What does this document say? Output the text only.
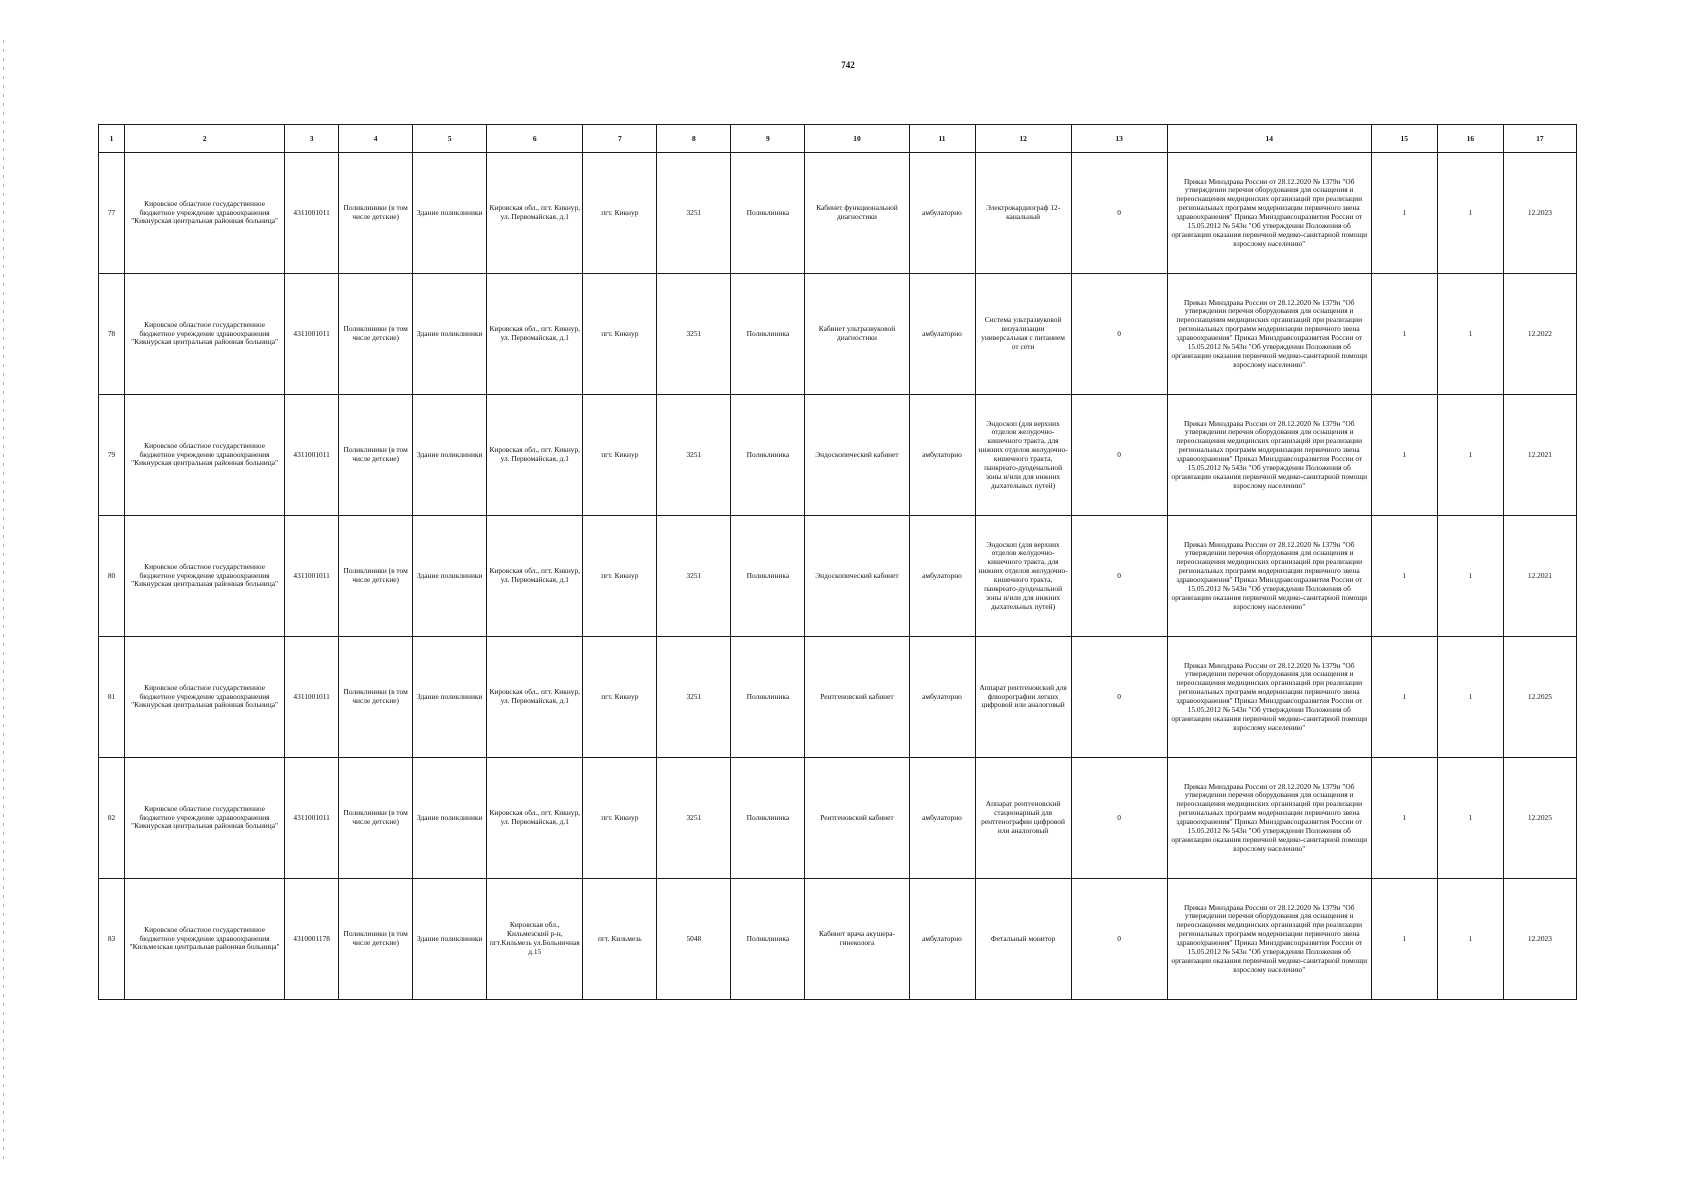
742
1	2	3	4	5	6	7	8	9	10	11	12	13	14	15	16	17
77	Кировское областное государственное бюджетное учреждение здравоохранения "Кикнурская центральная районная больница"	4311001011	Поликлиники (в том числе детские)	Здание поликлиники	Кировская обл., пгт. Кикнур, ул. Первомайская, д.1	пгт. Кикнур	3251	Поликлиника	Кабинет функциональной диагностики	амбулаторно	Электрокардиограф 12-канальный	0	Приказ Минздрава России от 28.12.2020 № 1379н "Об утверждении перечня оборудования для оснащения и переоснащения медицинских организаций при реализации региональных программ модернизации первичного звена здравоохранения" Приказ Минздравсоцразвития России от 15.05.2012 № 543н "Об утверждении Положения об организации оказания первичной медико-санитарной помощи взрослому населению"	1	1	12.2023
78	Кировское областное государственное бюджетное учреждение здравоохранения "Кикнурская центральная районная больница"	4311001011	Поликлиники (в том числе детские)	Здание поликлиники	Кировская обл., пгт. Кикнур, ул. Первомайская, д.1	пгт. Кикнур	3251	Поликлиника	Кабинет ультразвуковой диагностики	амбулаторно	Система ультразвуковой визуализации универсальная с питанием от сети	0	Приказ Минздрава России от 28.12.2020 № 1379н "Об утверждении перечня оборудования для оснащения и переоснащения медицинских организаций при реализации региональных программ модернизации первичного звена здравоохранения" Приказ Минздравсоцразвития России от 15.05.2012 № 543н "Об утверждении Положения об организации оказания первичной медико-санитарной помощи взрослому населению"	1	1	12.2022
79	Кировское областное государственное бюджетное учреждение здравоохранения "Кикнурская центральная районная больница"	4311001011	Поликлиники (в том числе детские)	Здание поликлиники	Кировская обл., пгт. Кикнур, ул. Первомайская, д.1	пгт. Кикнур	3251	Поликлиника	Эндоскопический кабинет	амбулаторно	Эндоскоп (для верхних отделов желудочно-кишечного тракта, для нижних отделов желудочно-кишечного тракта, панкреато-дуоденальной зоны и/или для нижних дыхательных путей)	0	Приказ Минздрава России от 28.12.2020 № 1379н "Об утверждении перечня оборудования для оснащения и переоснащения медицинских организаций при реализации региональных программ модернизации первичного звена здравоохранения" Приказ Минздравсоцразвития России от 15.05.2012 № 543н "Об утверждении Положения об организации оказания первичной медико-санитарной помощи взрослому населению"	1	1	12.2021
80	Кировское областное государственное бюджетное учреждение здравоохранения "Кикнурская центральная районная больница"	4311001011	Поликлиники (в том числе детские)	Здание поликлиники	Кировская обл., пгт. Кикнур, ул. Первомайская, д.1	пгт. Кикнур	3251	Поликлиника	Эндоскопический кабинет	амбулаторно	Эндоскоп (для верхних отделов желудочно-кишечного тракта, для нижних отделов желудочно-кишечного тракта, панкреато-дуоденальной зоны и/или для нижних дыхательных путей)	0	Приказ Минздрава России от 28.12.2020 № 1379н "Об утверждении перечня оборудования для оснащения и переоснащения медицинских организаций при реализации региональных программ модернизации первичного звена здравоохранения" Приказ Минздравсоцразвития России от 15.05.2012 № 543н "Об утверждении Положения об организации оказания первичной медико-санитарной помощи взрослому населению"	1	1	12.2021
81	Кировское областное государственное бюджетное учреждение здравоохранения "Кикнурская центральная районная больница"	4311001011	Поликлиники (в том числе детские)	Здание поликлиники	Кировская обл., пгт. Кикнур, ул. Первомайская, д.1	пгт. Кикнур	3251	Поликлиника	Рентгеновский кабинет	амбулаторно	Аппарат рентгеновский для флюорографии легких цифровой или аналоговый	0	Приказ Минздрава России от 28.12.2020 № 1379н "Об утверждении перечня оборудования для оснащения и переоснащения медицинских организаций при реализации региональных программ модернизации первичного звена здравоохранения" Приказ Минздравсоцразвития России от 15.05.2012 № 543н "Об утверждении Положения об организации оказания первичной медико-санитарной помощи взрослому населению"	1	1	12.2025
82	Кировское областное государственное бюджетное учреждение здравоохранения "Кикнурская центральная районная больница"	4311001011	Поликлиники (в том числе детские)	Здание поликлиники	Кировская обл., пгт. Кикнур, ул. Первомайская, д.1	пгт. Кикнур	3251	Поликлиника	Рентгеновский кабинет	амбулаторно	Аппарат рентгеновский стационарный для рентгенографии цифровой или аналоговый	0	Приказ Минздрава России от 28.12.2020 № 1379н "Об утверждении перечня оборудования для оснащения и переоснащения медицинских организаций при реализации региональных программ модернизации первичного звена здравоохранения" Приказ Минздравсоцразвития России от 15.05.2012 № 543н "Об утверждении Положения об организации оказания первичной медико-санитарной помощи взрослому населению"	1	1	12.2025
83	Кировское областное государственное бюджетное учреждение здравоохранения "Кильмезская центральная районная больница"	4310001178	Поликлиники (в том числе детские)	Здание поликлиники	Кировская обл., Кильмезский р-н, пгт.Кильмезь ул.Больничная д.15	пгт. Кильмезь	5048	Поликлиника	Кабинет врача акушера-гинеколога	амбулаторно	Фетальный монитор	0	Приказ Минздрава России от 28.12.2020 № 1379н "Об утверждении перечня оборудования для оснащения и переоснащения медицинских организаций при реализации региональных программ модернизации первичного звена здравоохранения" Приказ Минздравсоцразвития России от 15.05.2012 № 543н "Об утверждении Положения об организации оказания первичной медико-санитарной помощи взрослому населению"	1	1	12.2023
